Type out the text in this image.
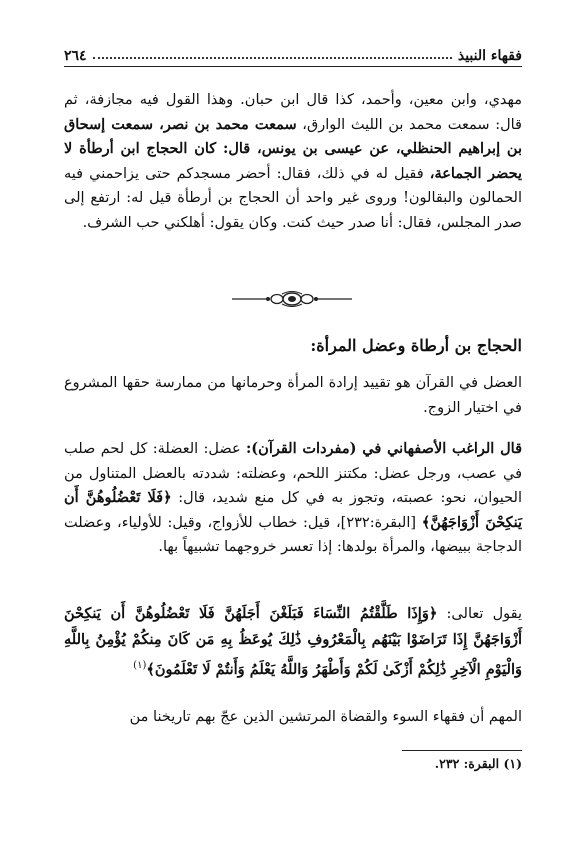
فقهاء النبيذ
٢٦٤

مهدي، وابن معين، وأحمد، كذا قال ابن حبان. وهذا القول فيه مجازفة، ثم قال: سمعت محمد بن الليث الوارق، سمعت محمد بن نصر، سمعت إسحاق بن إبراهيم الحنظلي، عن عيسى بن يونس، قال: كان الحجاج ابن أرطأة لا يحضر الجماعة، فقيل له في ذلك، فقال: أحضر مسجدكم حتى يزاحمني فيه الحمالون والبقالون! وروى غير واحد أن الحجاج بن أرطأة قيل له: ارتفع إلى صدر المجلس، فقال: أنا صدر حيث كنت. وكان يقول: أهلكني حب الشرف.

الحجاج بن أرطاة وعضل المرأة:

العضل في القرآن هو تقييد إرادة المرأة وحرمانها من ممارسة حقها المشروع في اختيار الزوج.

قال الراغب الأصفهاني في (مفردات القرآن): عضل: العضلة: كل لحم صلب في عصب، ورجل عضل: مكتنز اللحم، وعضلته: شددته بالعضل المتناول من الحيوان، نحو: عصبته، وتجوز به في كل منع شديد، قال: ﴿فَلَا تَعْضُلُوهُنَّ أَن يَنكِحْنَ أَزْوَاجَهُنَّ﴾ [البقرة:٢٣٢]، قيل: خطاب للأزواج، وقيل: للأولياء، وعضلت الدجاجة ببيضها، والمرأة بولدها: إذا تعسر خروجهما تشبيهاً بها.

يقول تعالى: ﴿وَإِذَا طَلَّقْتُمُ النِّسَاءَ فَبَلَغْنَ أَجَلَهُنَّ فَلَا تَعْضُلُوهُنَّ أَن يَنكِحْنَ أَزْوَاجَهُنَّ إِذَا تَرَاضَوْا بَيْنَهُم بِالْمَعْرُوفِ ذَٰلِكَ يُوعَظُ بِهِ مَن كَانَ مِنكُمْ يُؤْمِنُ بِاللَّهِ وَالْيَوْمِ الْآخِرِ ذَٰلِكُمْ أَزْكَىٰ لَكُمْ وَأَطْهَرُ وَاللَّهُ يَعْلَمُ وَأَنتُمْ لَا تَعْلَمُونَ﴾$^{(١)}$

المهم أن فقهاء السوء والقضاة المرتشين الذين عجّ بهم تاريخنا من

(١) البقرة: ٢٣٢.
